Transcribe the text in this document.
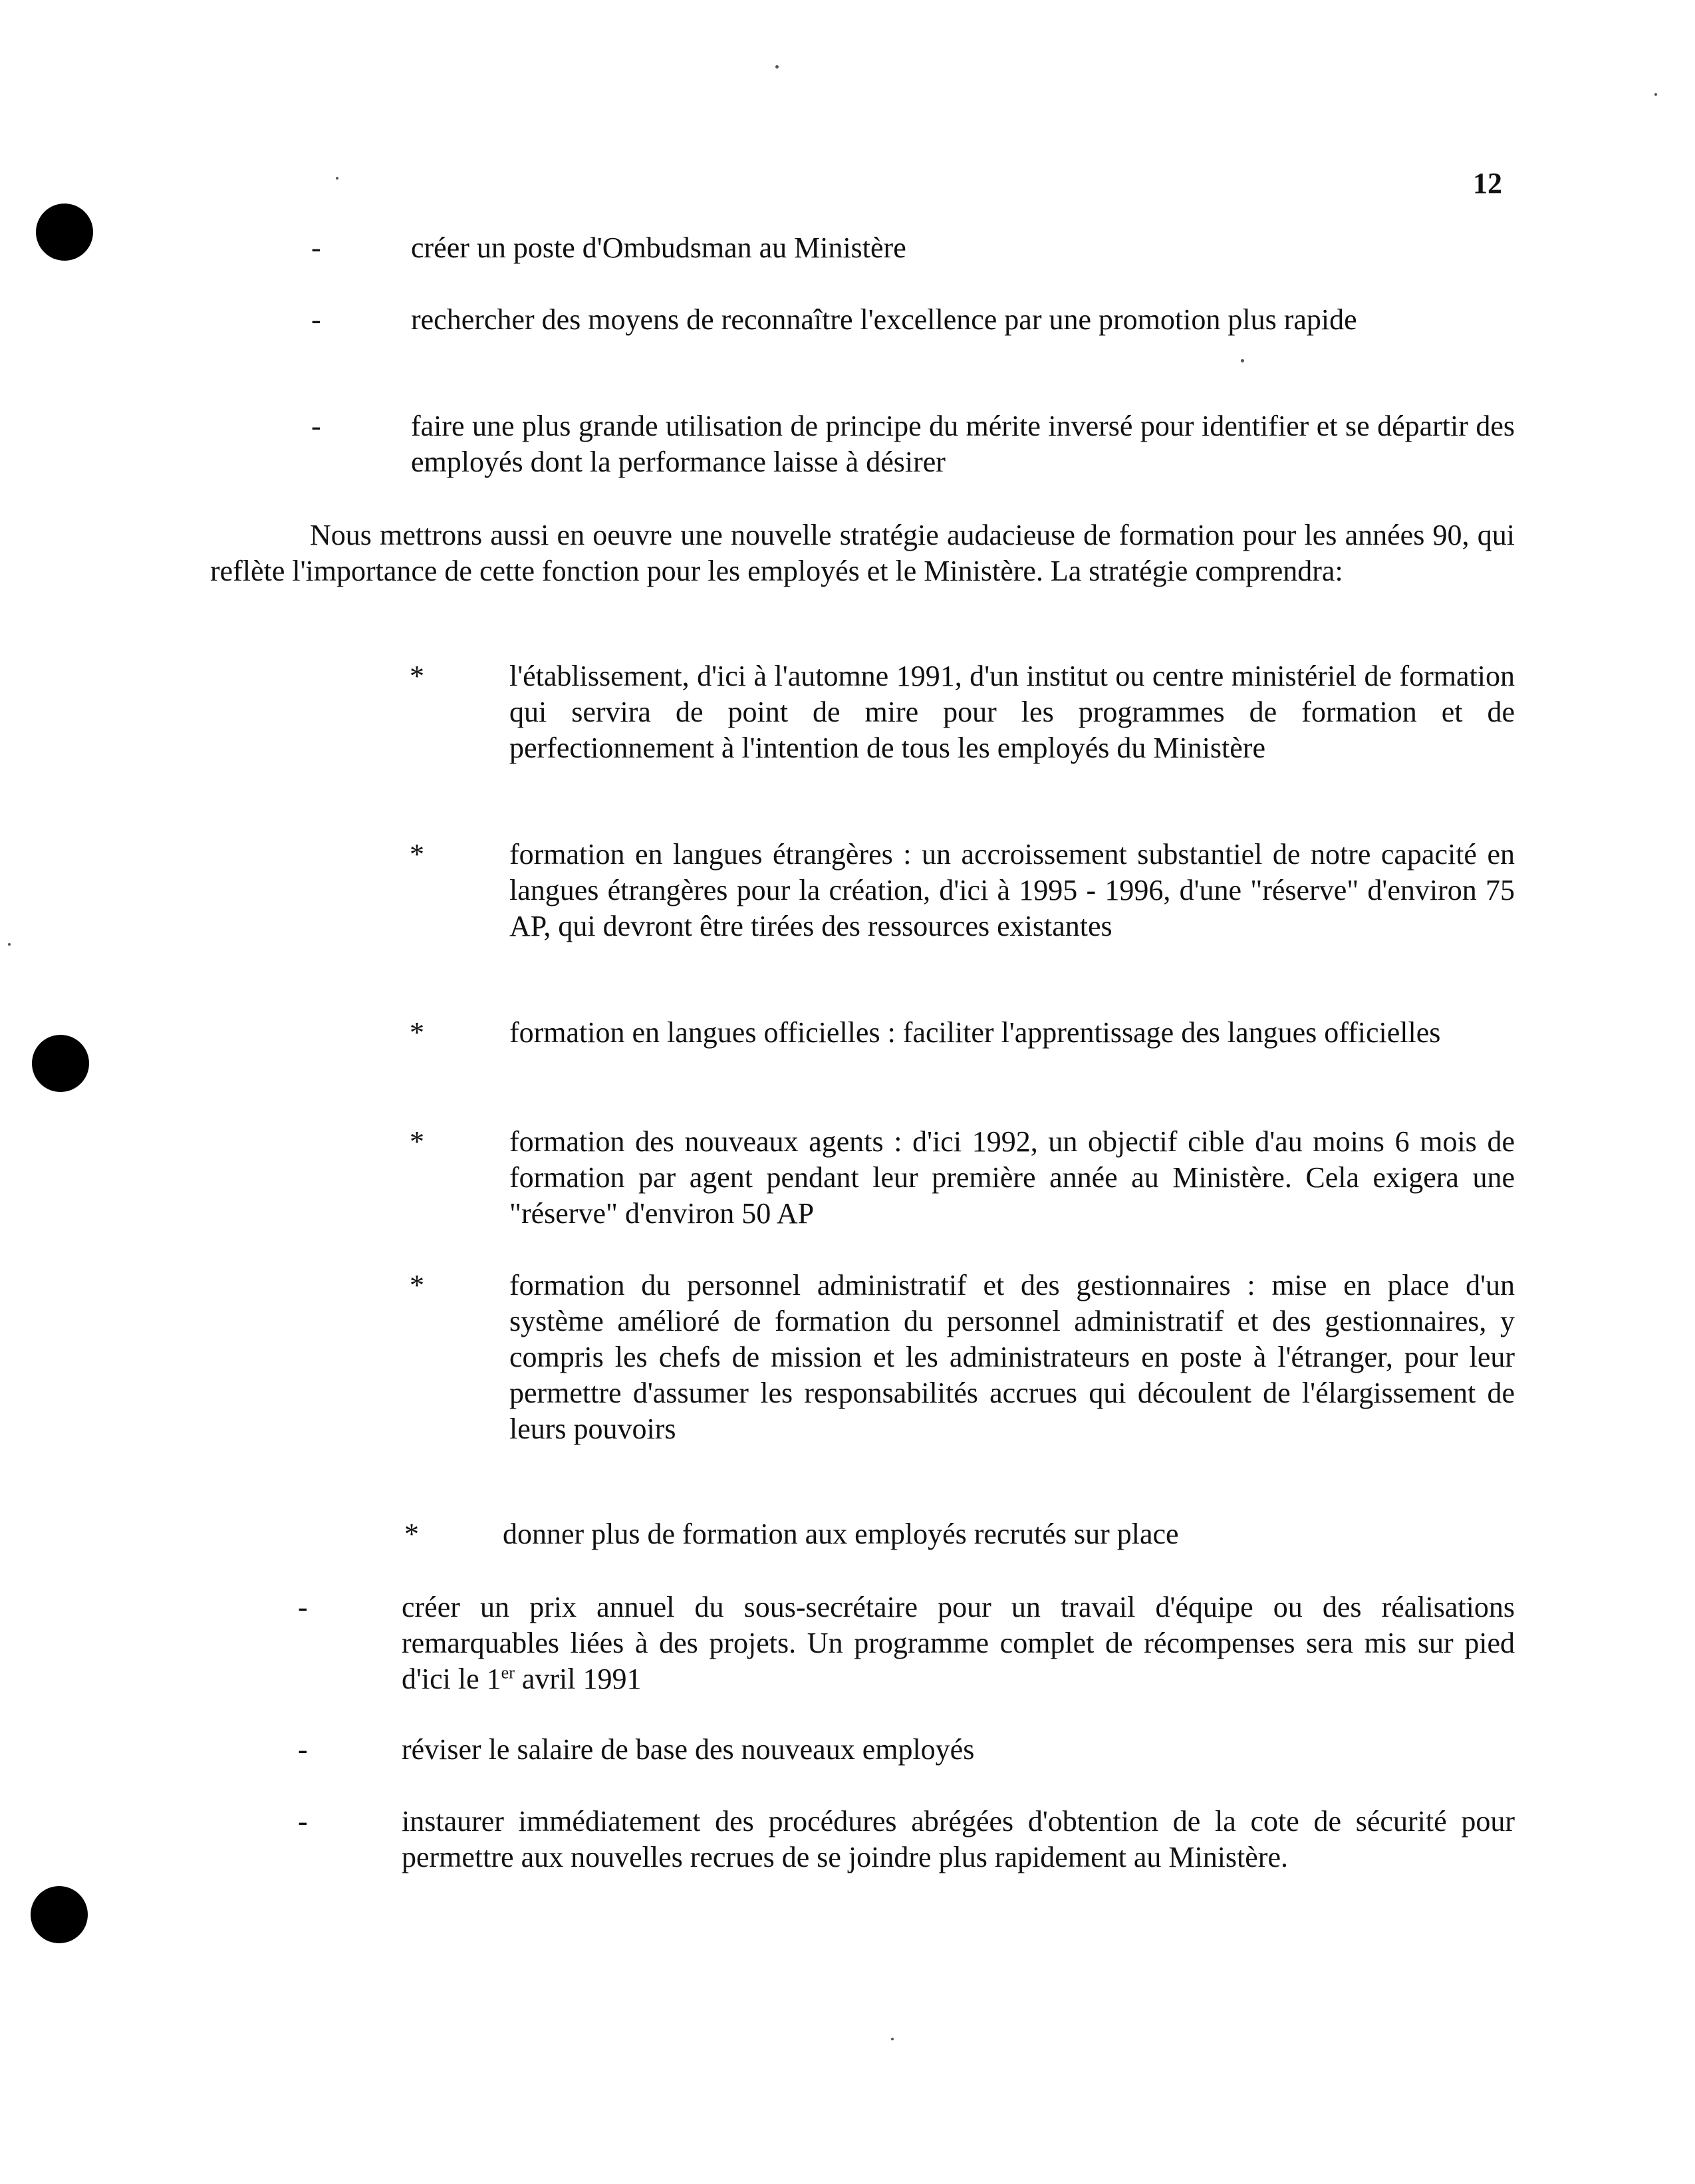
12
-	créer un poste d'Ombudsman au Ministère
-	rechercher des moyens de reconnaître l'excellence par une promotion plus rapide
-	faire une plus grande utilisation de principe du mérite inversé pour identifier et se départir des employés dont la performance laisse à désirer
Nous mettrons aussi en oeuvre une nouvelle stratégie audacieuse de formation pour les années 90, qui reflète l'importance de cette fonction pour les employés et le Ministère. La stratégie comprendra:
*	l'établissement, d'ici à l'automne 1991, d'un institut ou centre ministériel de formation qui servira de point de mire pour les programmes de formation et de perfectionnement à l'intention de tous les employés du Ministère
*	formation en langues étrangères : un accroissement substantiel de notre capacité en langues étrangères pour la création, d'ici à 1995 - 1996, d'une "réserve" d'environ 75 AP, qui devront être tirées des ressources existantes
*	formation en langues officielles : faciliter l'apprentissage des langues officielles
*	formation des nouveaux agents : d'ici 1992, un objectif cible d'au moins 6 mois de formation par agent pendant leur première année au Ministère. Cela exigera une "réserve" d'environ 50 AP
*	formation du personnel administratif et des gestionnaires : mise en place d'un système amélioré de formation du personnel administratif et des gestionnaires, y compris les chefs de mission et les administrateurs en poste à l'étranger, pour leur permettre d'assumer les responsabilités accrues qui découlent de l'élargissement de leurs pouvoirs
*	donner plus de formation aux employés recrutés sur place
-	créer un prix annuel du sous-secrétaire pour un travail d'équipe ou des réalisations remarquables liées à des projets. Un programme complet de récompenses sera mis sur pied d'ici le 1er avril 1991
-	réviser le salaire de base des nouveaux employés
-	instaurer immédiatement des procédures abrégées d'obtention de la cote de sécurité pour permettre aux nouvelles recrues de se joindre plus rapidement au Ministère.
